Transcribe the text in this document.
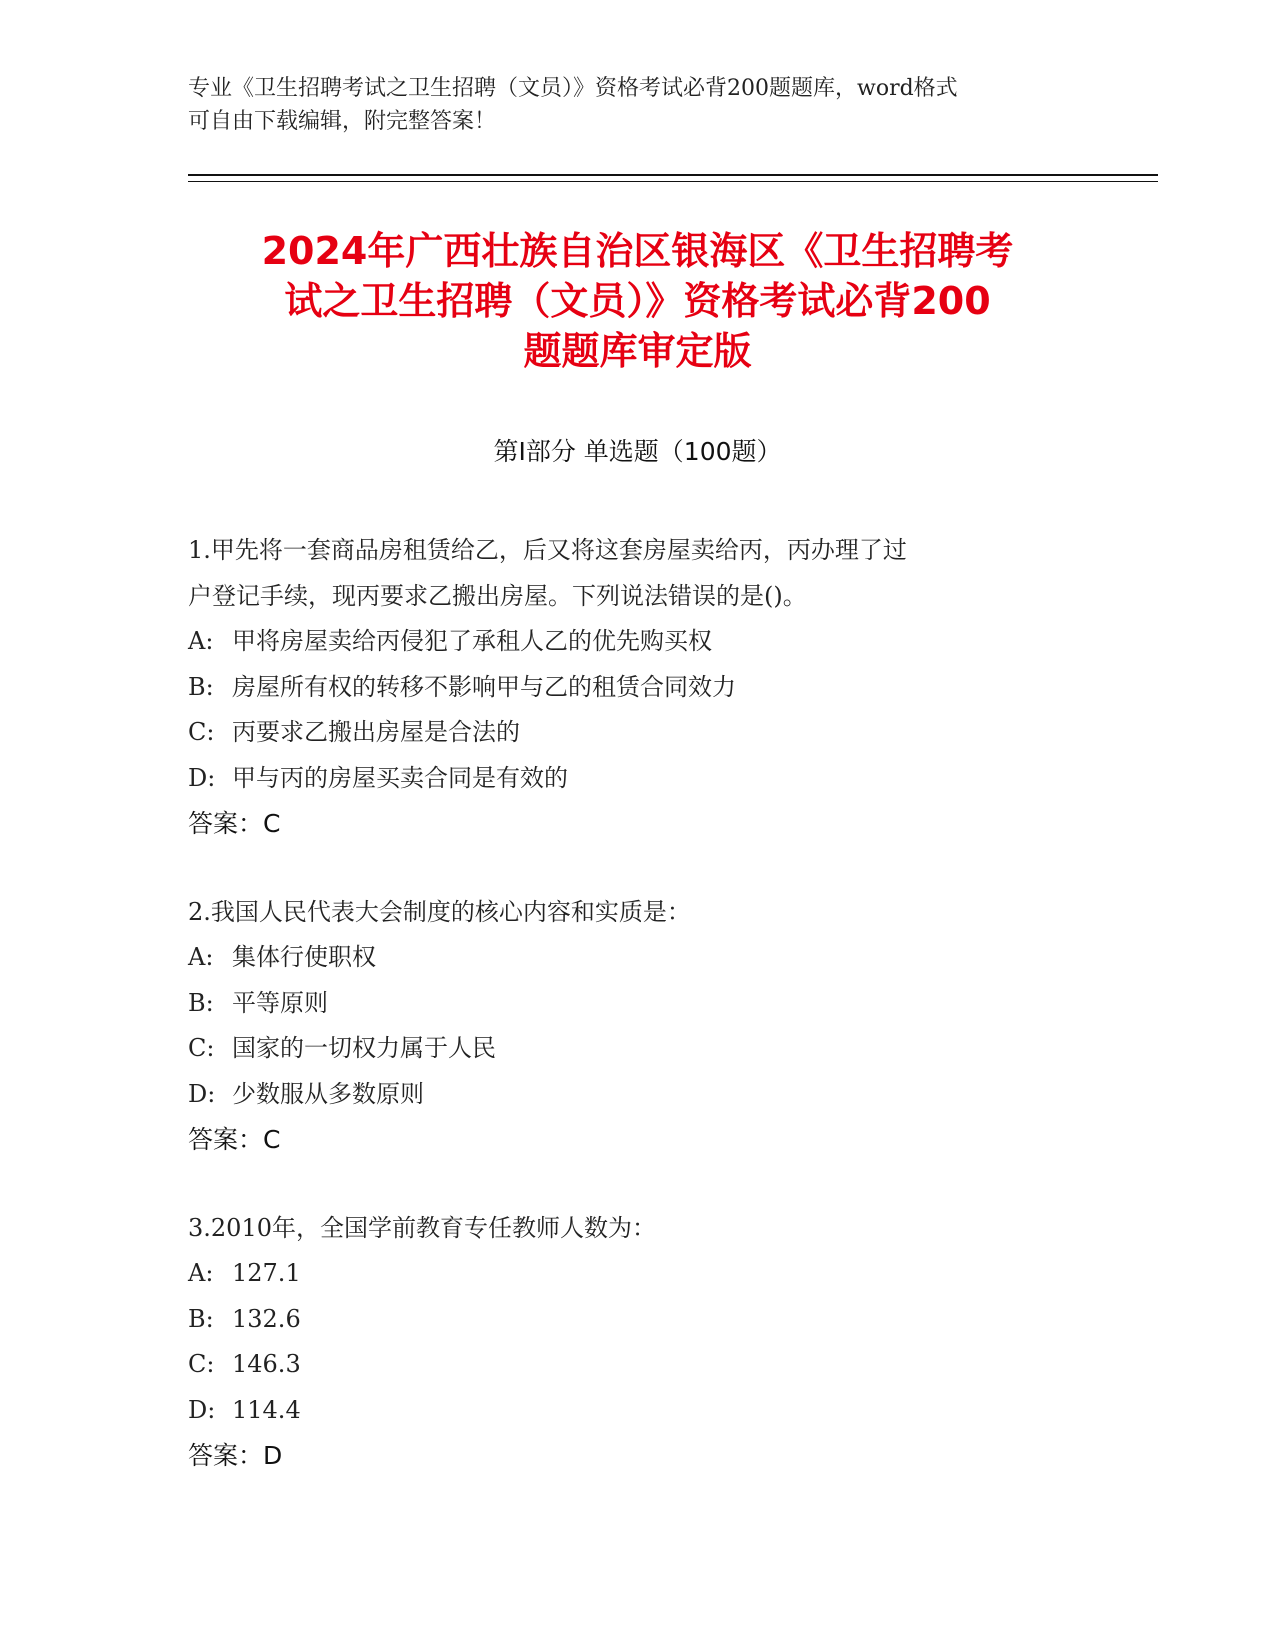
专业《卫生招聘考试之卫生招聘（文员）》资格考试必背200题题库，word格式
可自由下载编辑，附完整答案！
2024年广西壮族自治区银海区《卫生招聘考
试之卫生招聘（文员）》资格考试必背200
题题库审定版
第Ⅰ部分 单选题（100题）
1.甲先将一套商品房租赁给乙，后又将这套房屋卖给丙，丙办理了过
户登记手续，现丙要求乙搬出房屋。下列说法错误的是()。
A: 甲将房屋卖给丙侵犯了承租人乙的优先购买权
B: 房屋所有权的转移不影响甲与乙的租赁合同效力
C: 丙要求乙搬出房屋是合法的
D: 甲与丙的房屋买卖合同是有效的
答案：C
2.我国人民代表大会制度的核心内容和实质是：
A: 集体行使职权
B: 平等原则
C: 国家的一切权力属于人民
D: 少数服从多数原则
答案：C
3.2010年，全国学前教育专任教师人数为：
A: 127.1
B: 132.6
C: 146.3
D: 114.4
答案：D
